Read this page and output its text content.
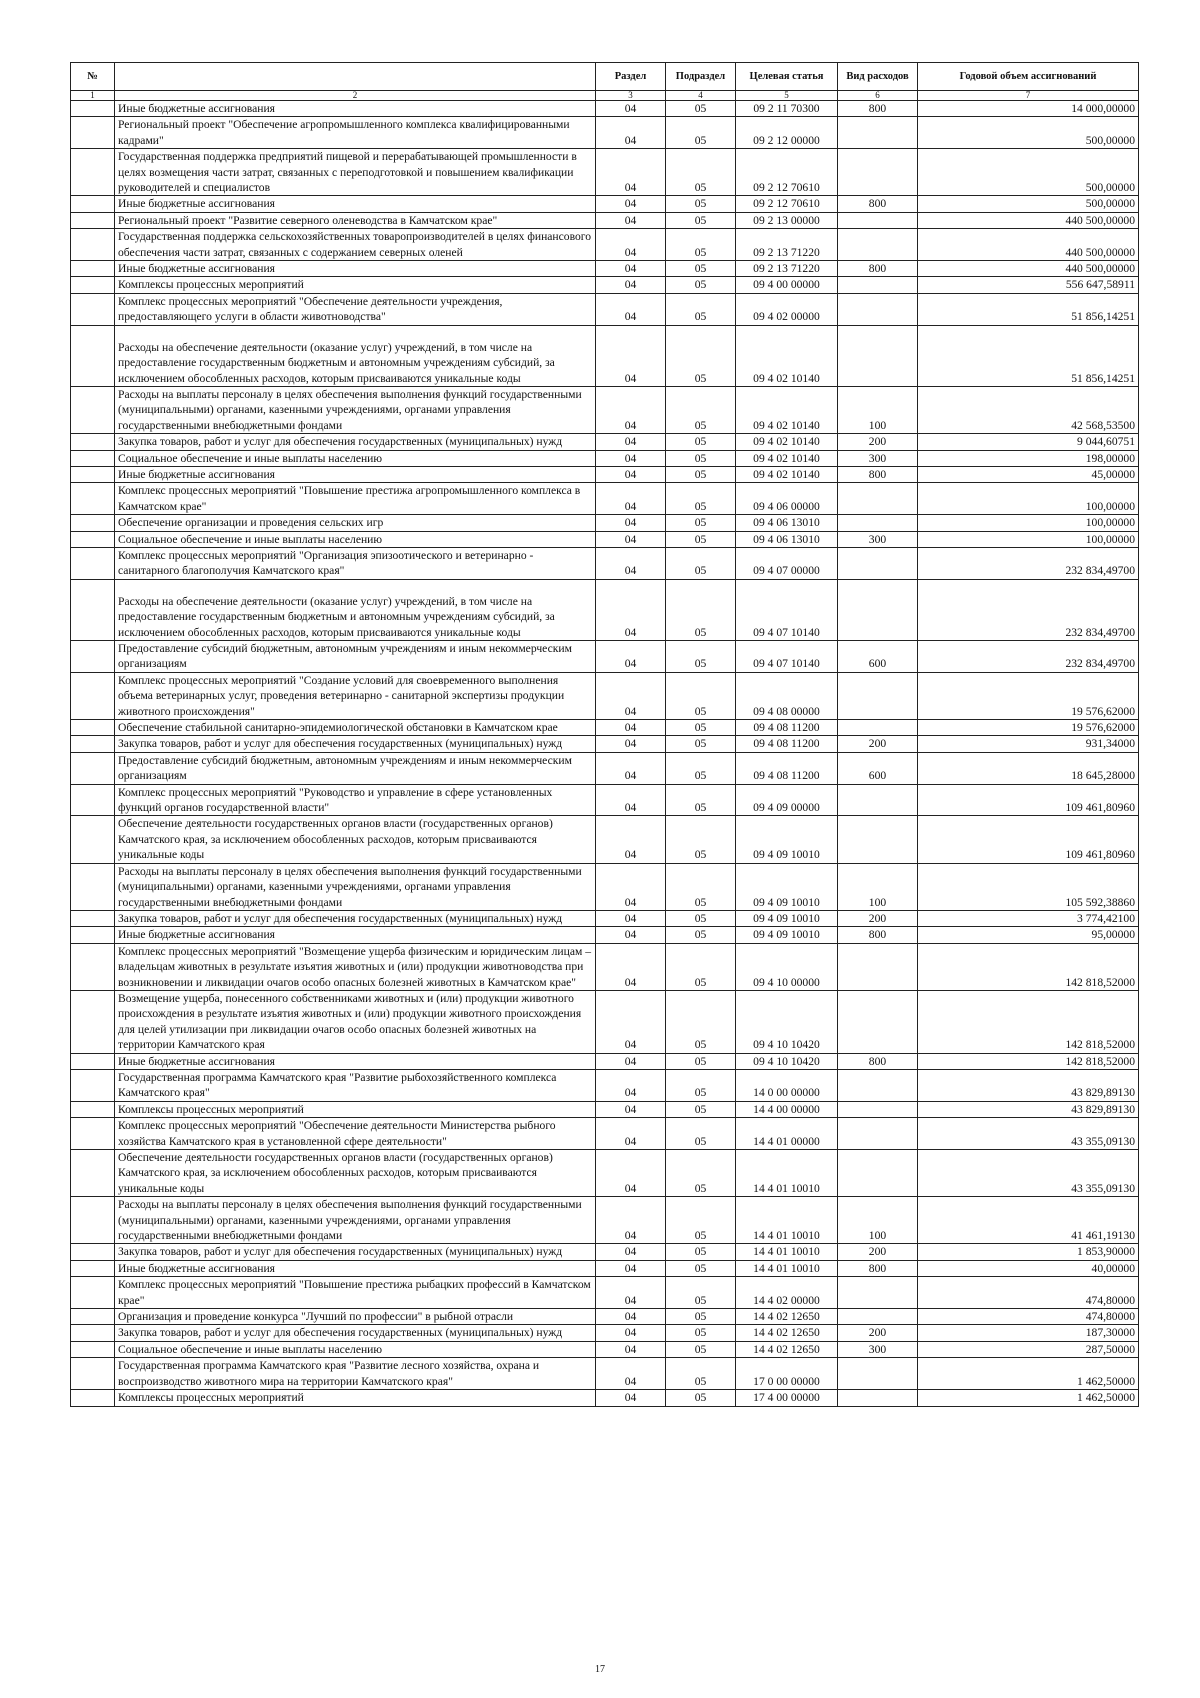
№		Раздел	Подраздел	Целевая статья	Вид расходов	Годовой объем ассигнований
1	2	3	4	5	6	7
	Иные бюджетные ассигнования	04	05	09 2 11 70300	800	14 000,00000
	Региональный проект "Обеспечение агропромышленного комплекса квалифицированными кадрами"	04	05	09 2 12 00000		500,00000
	Государственная поддержка предприятий пищевой и перерабатывающей промышленности в целях возмещения части затрат, связанных с переподготовкой и повышением квалификации руководителей и специалистов	04	05	09 2 12 70610		500,00000
	Иные бюджетные ассигнования	04	05	09 2 12 70610	800	500,00000
	Региональный проект "Развитие северного оленеводства в Камчатском крае"	04	05	09 2 13 00000		440 500,00000
	Государственная поддержка сельскохозяйственных товаропроизводителей в целях финансового обеспечения части затрат, связанных с содержанием северных оленей	04	05	09 2 13 71220		440 500,00000
	Иные бюджетные ассигнования	04	05	09 2 13 71220	800	440 500,00000
	Комплексы процессных мероприятий	04	05	09 4 00 00000		556 647,58911
	Комплекс процессных мероприятий "Обеспечение деятельности учреждения, предоставляющего услуги в области животноводства"	04	05	09 4 02 00000		51 856,14251
	Расходы на обеспечение деятельности (оказание услуг) учреждений, в том числе на предоставление государственным бюджетным и автономным учреждениям субсидий, за исключением обособленных расходов, которым присваиваются уникальные коды	04	05	09 4 02 10140		51 856,14251
	Расходы на выплаты персоналу в целях обеспечения выполнения функций государственными (муниципальными) органами, казенными учреждениями, органами управления государственными внебюджетными фондами	04	05	09 4 02 10140	100	42 568,53500
	Закупка товаров, работ и услуг для обеспечения государственных (муниципальных) нужд	04	05	09 4 02 10140	200	9 044,60751
	Социальное обеспечение и иные выплаты населению	04	05	09 4 02 10140	300	198,00000
	Иные бюджетные ассигнования	04	05	09 4 02 10140	800	45,00000
	Комплекс процессных мероприятий "Повышение престижа агропромышленного комплекса в Камчатском крае"	04	05	09 4 06 00000		100,00000
	Обеспечение организации и проведения сельских игр	04	05	09 4 06 13010		100,00000
	Социальное обеспечение и иные выплаты населению	04	05	09 4 06 13010	300	100,00000
	Комплекс процессных мероприятий "Организация эпизоотического и ветеринарно - санитарного благополучия Камчатского края"	04	05	09 4 07 00000		232 834,49700
	Расходы на обеспечение деятельности (оказание услуг) учреждений, в том числе на предоставление государственным бюджетным и автономным учреждениям субсидий, за исключением обособленных расходов, которым присваиваются уникальные коды	04	05	09 4 07 10140		232 834,49700
	Предоставление субсидий бюджетным, автономным учреждениям и иным некоммерческим организациям	04	05	09 4 07 10140	600	232 834,49700
	Комплекс процессных мероприятий "Создание условий для своевременного выполнения объема ветеринарных услуг, проведения ветеринарно - санитарной экспертизы продукции животного происхождения"	04	05	09 4 08 00000		19 576,62000
	Обеспечение стабильной санитарно-эпидемиологической обстановки в Камчатском крае	04	05	09 4 08 11200		19 576,62000
	Закупка товаров, работ и услуг для обеспечения государственных (муниципальных) нужд	04	05	09 4 08 11200	200	931,34000
	Предоставление субсидий бюджетным, автономным учреждениям и иным некоммерческим организациям	04	05	09 4 08 11200	600	18 645,28000
	Комплекс процессных мероприятий "Руководство и управление в сфере установленных функций органов государственной власти"	04	05	09 4 09 00000		109 461,80960
	Обеспечение деятельности государственных органов власти (государственных органов) Камчатского края, за исключением обособленных расходов, которым присваиваются уникальные коды	04	05	09 4 09 10010		109 461,80960
	Расходы на выплаты персоналу в целях обеспечения выполнения функций государственными (муниципальными) органами, казенными учреждениями, органами управления государственными внебюджетными фондами	04	05	09 4 09 10010	100	105 592,38860
	Закупка товаров, работ и услуг для обеспечения государственных (муниципальных) нужд	04	05	09 4 09 10010	200	3 774,42100
	Иные бюджетные ассигнования	04	05	09 4 09 10010	800	95,00000
	Комплекс процессных мероприятий "Возмещение ущерба физическим и юридическим лицам – владельцам животных в результате изъятия животных и (или) продукции животноводства при возникновении и ликвидации очагов особо опасных болезней животных в Камчатском крае"	04	05	09 4 10 00000		142 818,52000
	Возмещение ущерба, понесенного собственниками животных и (или) продукции животного происхождения в результате изъятия животных и (или) продукции животного происхождения для целей утилизации при ликвидации очагов особо опасных болезней животных на территории Камчатского края	04	05	09 4 10 10420		142 818,52000
	Иные бюджетные ассигнования	04	05	09 4 10 10420	800	142 818,52000
	Государственная программа Камчатского края "Развитие рыбохозяйственного комплекса Камчатского края"	04	05	14 0 00 00000		43 829,89130
	Комплексы процессных мероприятий	04	05	14 4 00 00000		43 829,89130
	Комплекс процессных мероприятий "Обеспечение деятельности Министерства рыбного хозяйства Камчатского края в установленной сфере деятельности"	04	05	14 4 01 00000		43 355,09130
	Обеспечение деятельности государственных органов власти (государственных органов) Камчатского края, за исключением обособленных расходов, которым присваиваются уникальные коды	04	05	14 4 01 10010		43 355,09130
	Расходы на выплаты персоналу в целях обеспечения выполнения функций государственными (муниципальными) органами, казенными учреждениями, органами управления государственными внебюджетными фондами	04	05	14 4 01 10010	100	41 461,19130
	Закупка товаров, работ и услуг для обеспечения государственных (муниципальных) нужд	04	05	14 4 01 10010	200	1 853,90000
	Иные бюджетные ассигнования	04	05	14 4 01 10010	800	40,00000
	Комплекс процессных мероприятий "Повышение престижа рыбацких профессий в Камчатском крае"	04	05	14 4 02 00000		474,80000
	Организация и проведение конкурса "Лучший по профессии" в рыбной отрасли	04	05	14 4 02 12650		474,80000
	Закупка товаров, работ и услуг для обеспечения государственных (муниципальных) нужд	04	05	14 4 02 12650	200	187,30000
	Социальное обеспечение и иные выплаты населению	04	05	14 4 02 12650	300	287,50000
	Государственная программа Камчатского края "Развитие лесного хозяйства, охрана и воспроизводство животного мира на территории Камчатского края"	04	05	17 0 00 00000		1 462,50000
	Комплексы процессных мероприятий	04	05	17 4 00 00000		1 462,50000
17
